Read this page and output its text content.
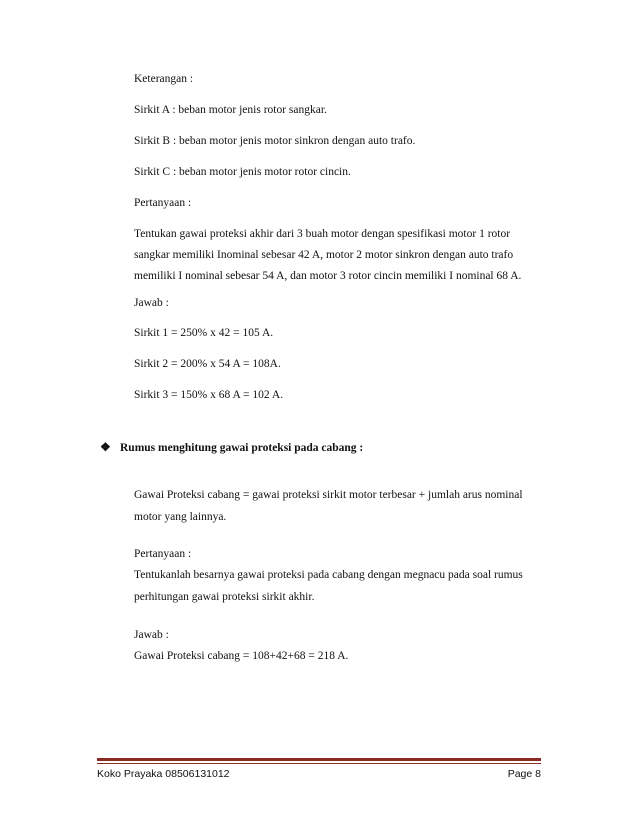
Keterangan :
Sirkit A : beban motor jenis rotor sangkar.
Sirkit B : beban motor jenis motor sinkron dengan auto trafo.
Sirkit C : beban motor jenis motor rotor cincin.
Pertanyaan :
Tentukan gawai proteksi akhir dari 3 buah motor dengan spesifikasi motor 1 rotor
sangkar memiliki Inominal sebesar 42 A, motor 2 motor sinkron dengan auto trafo
memiliki I nominal sebesar 54 A, dan motor 3 rotor cincin memiliki I nominal 68 A.
Jawab :
Sirkit 1 = 250% x 42 = 105 A.
Sirkit 2 = 200% x 54 A = 108A.
Sirkit 3 = 150% x 68 A = 102 A.
❖ Rumus menghitung gawai proteksi pada cabang :
Gawai Proteksi cabang = gawai proteksi sirkit motor terbesar + jumlah arus nominal
motor yang lainnya.
Pertanyaan :
Tentukanlah besarnya gawai proteksi pada cabang dengan megnacu pada soal rumus
perhitungan gawai proteksi sirkit akhir.
Jawab :
Gawai Proteksi cabang = 108+42+68 = 218 A.
Koko Prayaka 08506131012	Page 8
